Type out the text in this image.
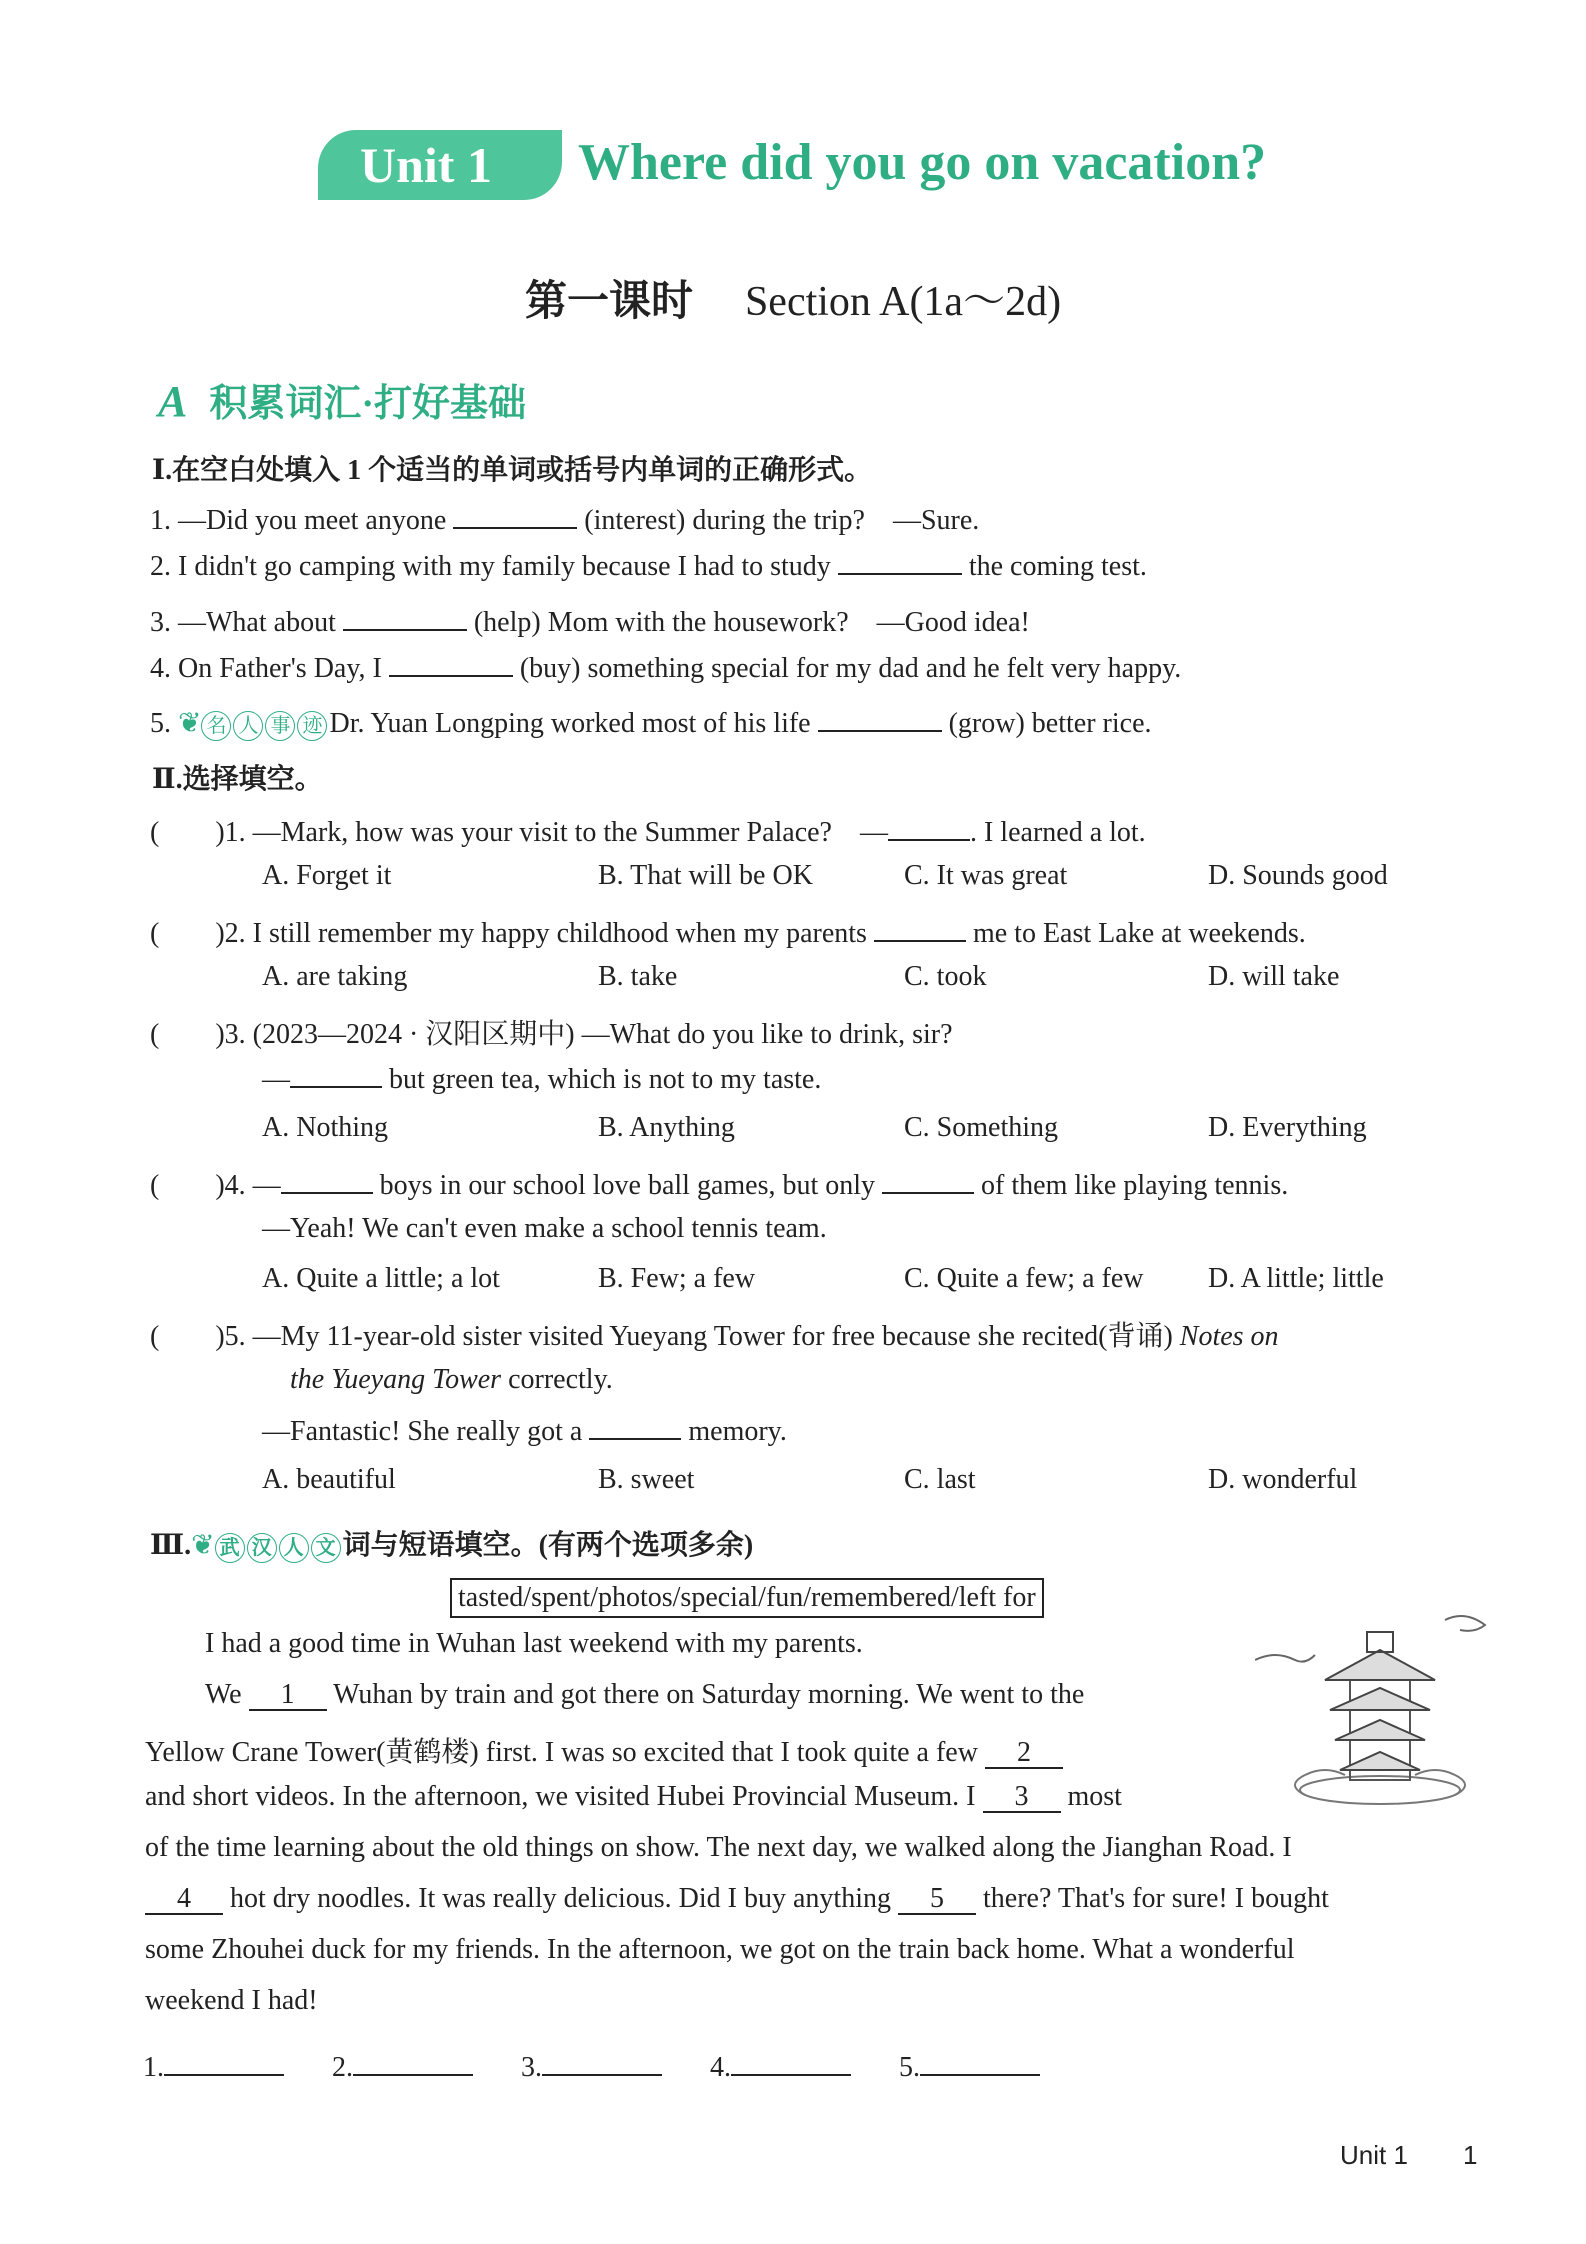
Unit 1 Where did you go on vacation?
第一课时 Section A(1a～2d)
A 积累词汇·打好基础
Ⅰ.在空白处填入 1 个适当的单词或括号内单词的正确形式。
1. —Did you meet anyone	(interest) during the trip?　—Sure.
2. I didn't go camping with my family because I had to study	the coming test.
3. —What about	(help) Mom with the housework?　—Good idea!
4. On Father's Day, I	(buy) something special for my dad and he felt very happy.
5. ❦ 名 人 事 迹 Dr. Yuan Longping worked most of his life	(grow) better rice.
Ⅱ.选择填空。
(　　)1. —Mark, how was your visit to the Summer Palace?　—	. I learned a lot.
A. Forget it	B. That will be OK	C. It was great	D. Sounds good
(　　)2. I still remember my happy childhood when my parents	me to East Lake at weekends.
A. are taking	B. take	C. took	D. will take
(　　)3. (2023—2024 · 汉阳区期中) —What do you like to drink, sir?
—	but green tea, which is not to my taste.
A. Nothing	B. Anything	C. Something	D. Everything
(　　)4. —	boys in our school love ball games, but only	of them like playing tennis.
—Yeah! We can't even make a school tennis team.
A. Quite a little; a lot	B. Few; a few	C. Quite a few; a few D. A little; little
(　　)5. —My 11-year-old sister visited Yueyang Tower for free because she recited(背诵) Notes on
the Yueyang Tower correctly.
—Fantastic! She really got a	memory.
A. beautiful	B. sweet	C. last	D. wonderful
Ⅲ.❦ 武 汉 人 文 词与短语填空。(有两个选项多余)
tasted/spent/photos/special/fun/remembered/left for
I had a good time in Wuhan last weekend with my parents.
We 1 Wuhan by train and got there on Saturday morning. We went to the
Yellow Crane Tower(黄鹤楼) first. I was so excited that I took quite a few 2
and short videos. In the afternoon, we visited Hubei Provincial Museum. I 3 most
of the time learning about the old things on show. The next day, we walked along the Jianghan Road. I
4 hot dry noodles. It was really delicious. Did I buy anything 5 there? That's for sure! I bought
some Zhouhei duck for my friends. In the afternoon, we got on the train back home. What a wonderful
weekend I had!
1.	2.	3.	4.	5.
Unit 1 1
